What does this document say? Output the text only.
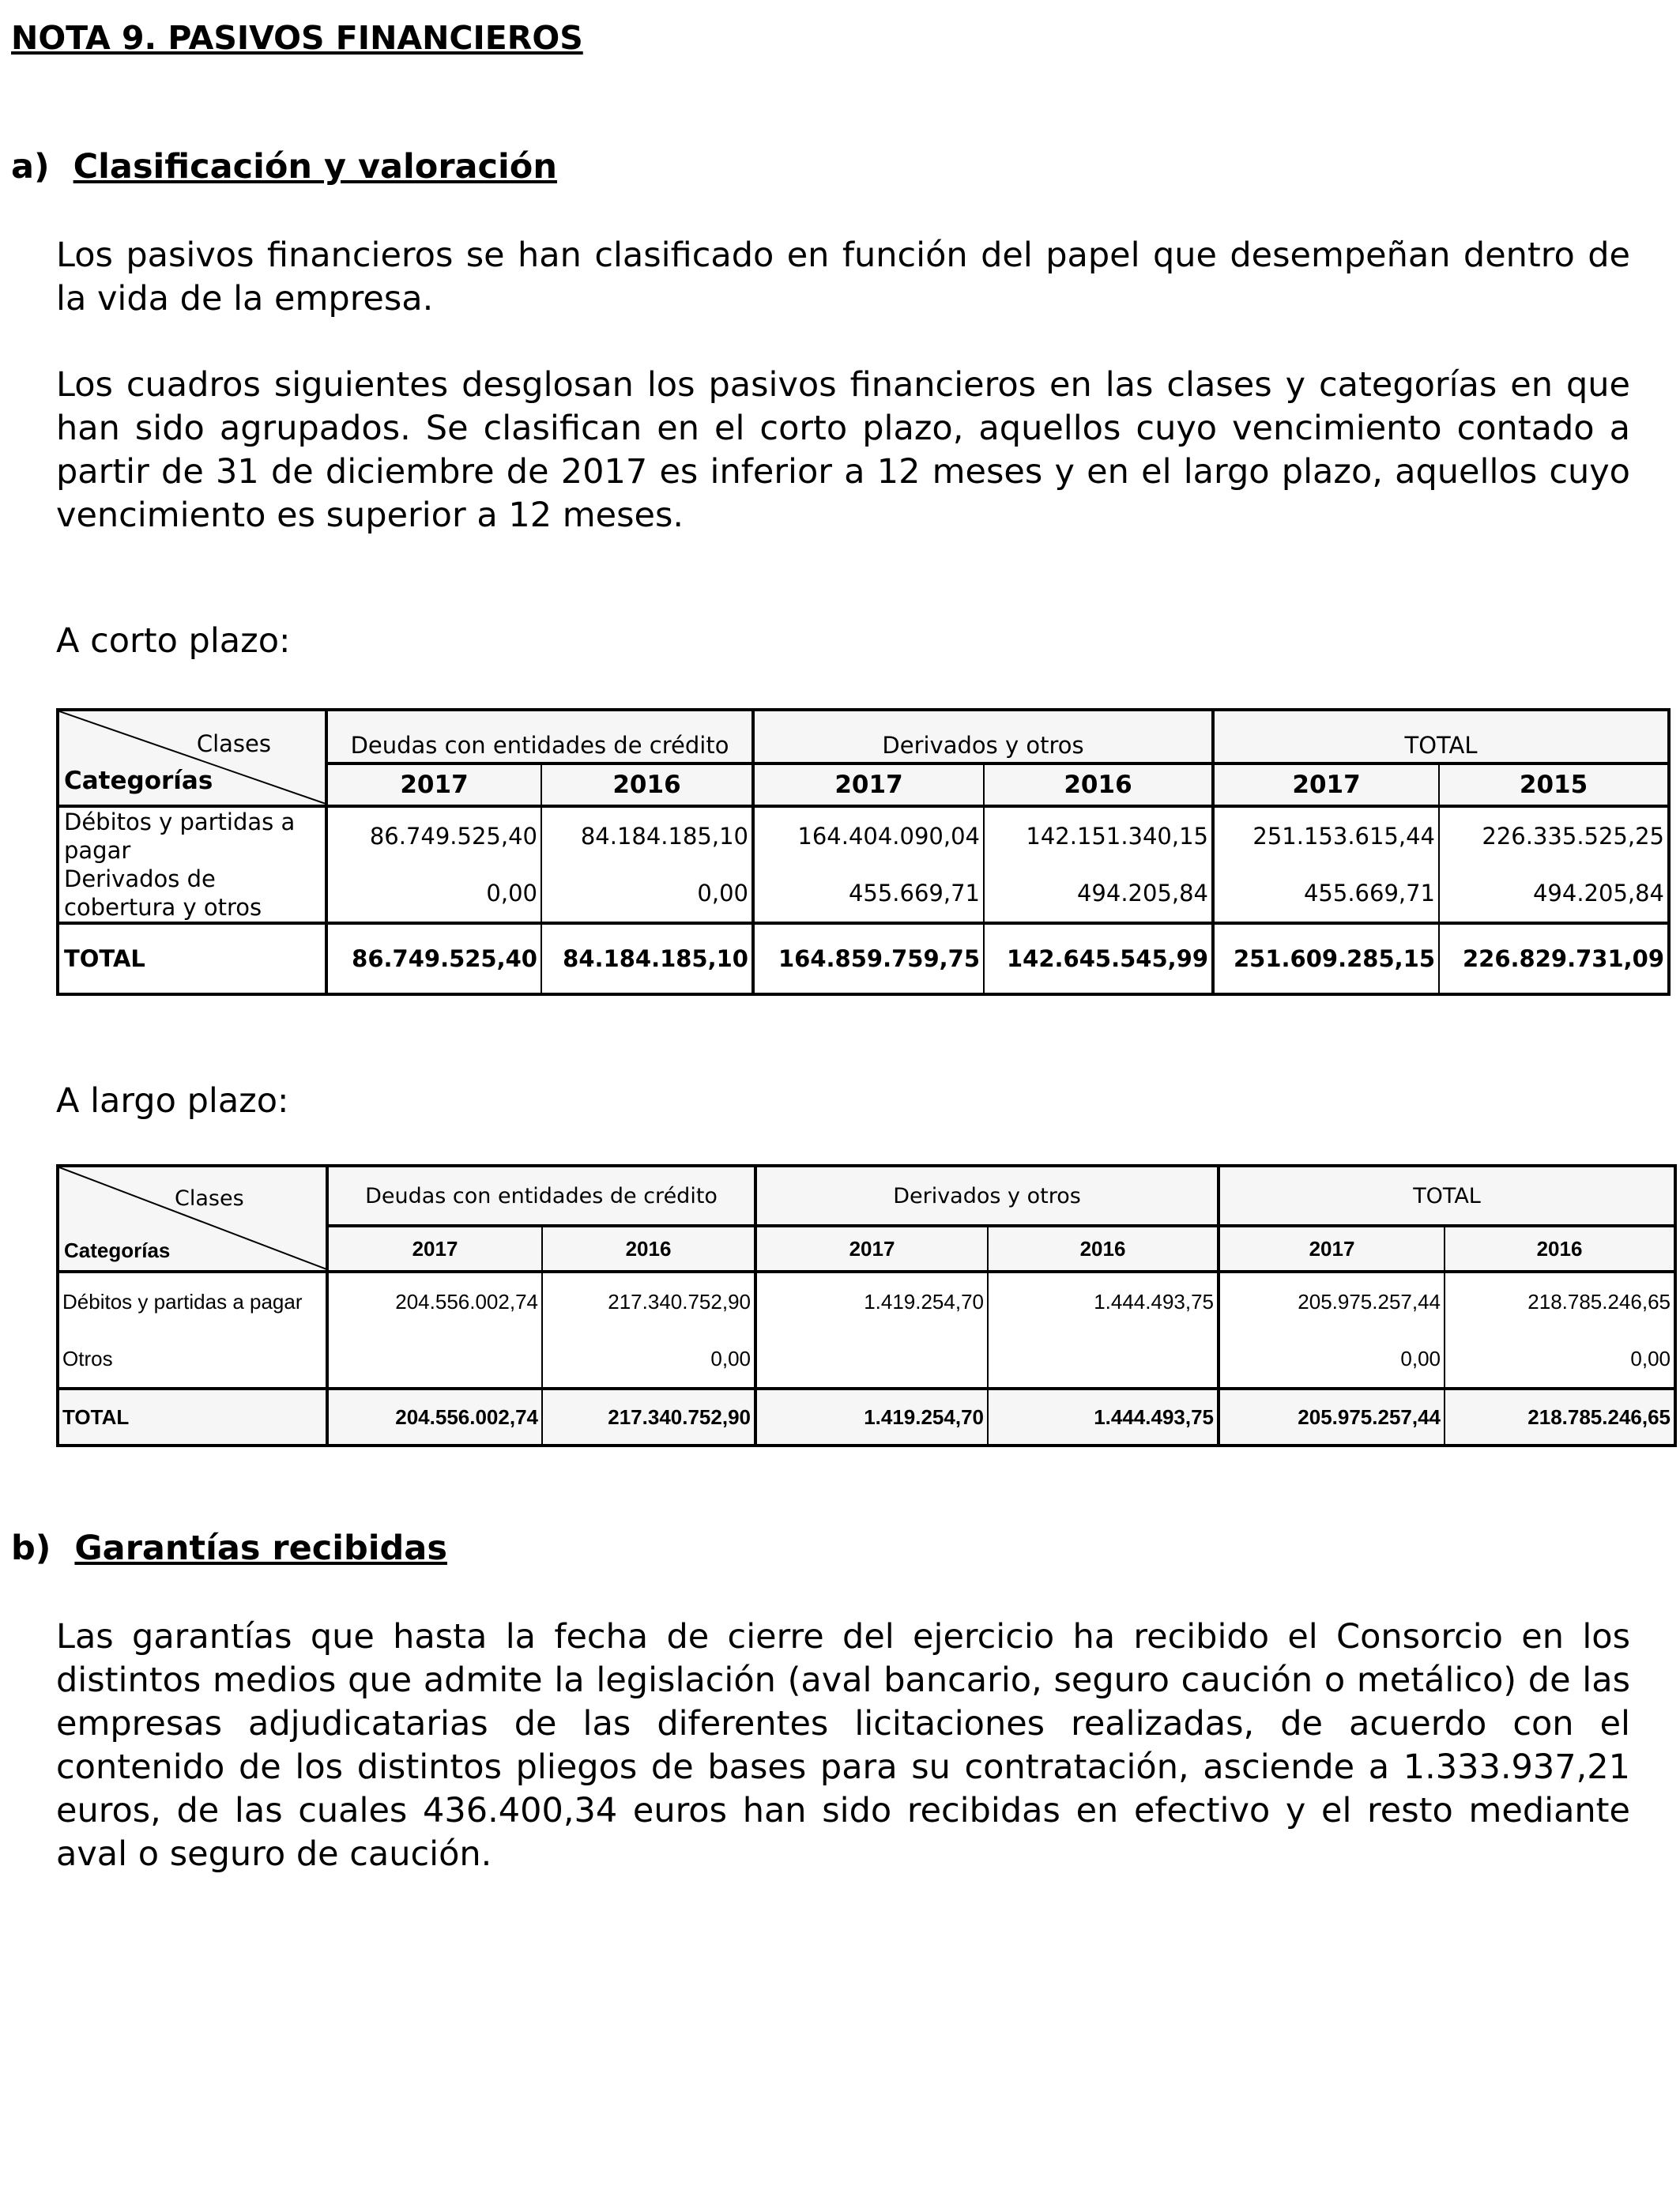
NOTA 9. PASIVOS FINANCIEROS
a) Clasificación y valoración

Los pasivos financieros se han clasificado en función del papel que desempeñan dentro de la vida de la empresa.

Los cuadros siguientes desglosan los pasivos financieros en las clases y categorías en que han sido agrupados. Se clasifican en el corto plazo, aquellos cuyo vencimiento contado a partir de 31 de diciembre de 2017 es inferior a 12 meses y en el largo plazo, aquellos cuyo vencimiento es superior a 12 meses.

A corto plazo:

Clases
Categorías	Deudas con entidades de crédito		Derivados y otros		TOTAL	
	2017	2016	2017	2016	2017	2015
Débitos y partidas a pagar	86.749.525,40	84.184.185,10	164.404.090,04	142.151.340,15	251.153.615,44	226.335.525,25
Derivados de cobertura y otros	0,00	0,00	455.669,71	494.205,84	455.669,71	494.205,84
TOTAL	86.749.525,40	84.184.185,10	164.859.759,75	142.645.545,99	251.609.285,15	226.829.731,09

A largo plazo:

Clases
Categorías	Deudas con entidades de crédito		Derivados y otros		TOTAL	
	2017	2016	2017	2016	2017	2016
Débitos y partidas a pagar	204.556.002,74	217.340.752,90	1.419.254,70	1.444.493,75	205.975.257,44	218.785.246,65
Otros		0,00			0,00	0,00
TOTAL	204.556.002,74	217.340.752,90	1.419.254,70	1.444.493,75	205.975.257,44	218.785.246,65
b) Garantías recibidas

Las garantías que hasta la fecha de cierre del ejercicio ha recibido el Consorcio en los distintos medios que admite la legislación (aval bancario, seguro caución o metálico) de las empresas adjudicatarias de las diferentes licitaciones realizadas, de acuerdo con el contenido de los distintos pliegos de bases para su contratación, asciende a 1.333.937,21 euros, de las cuales 436.400,34 euros han sido recibidas en efectivo y el resto mediante aval o seguro de caución.
